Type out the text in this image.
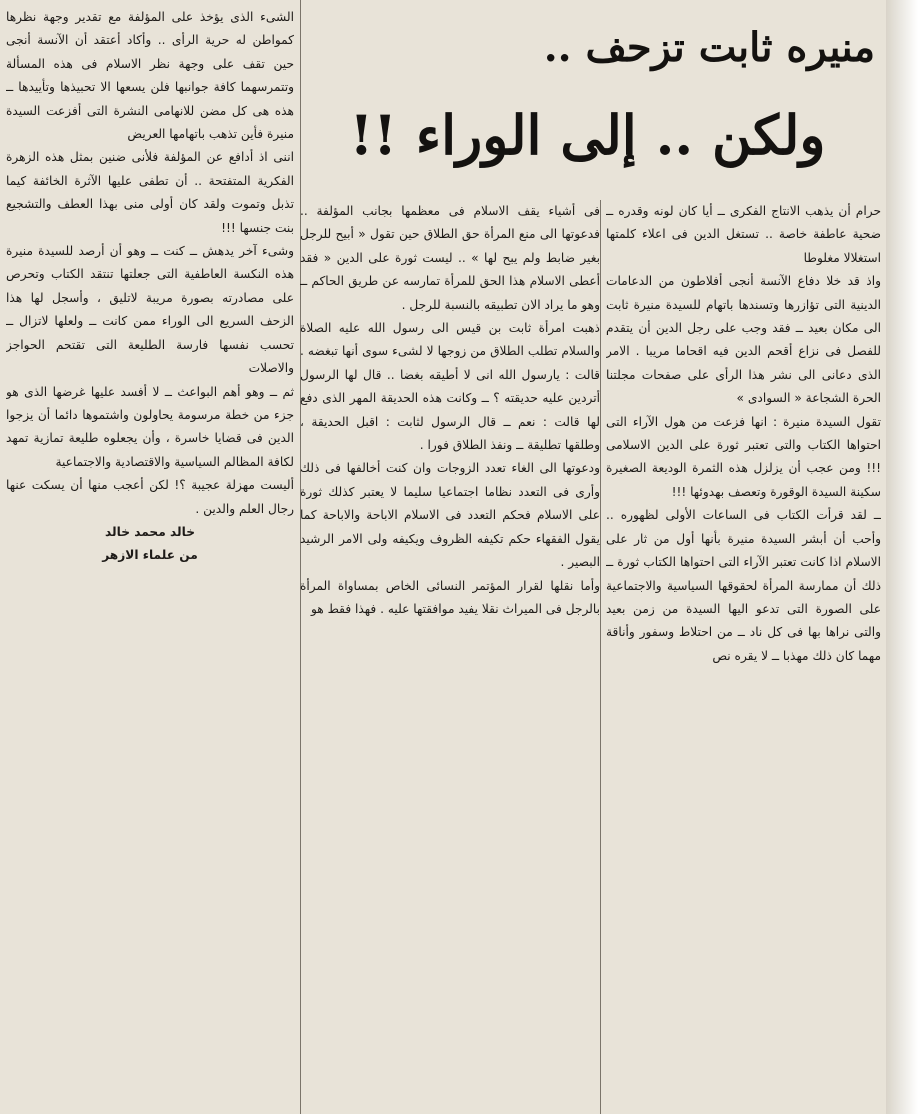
منيره ثابت تزحف ..
ولكن .. إلى الوراء !!

حرام أن يذهب الانتاج الفكرى ــ أيا كان لونه وقدره ــ ضحية عاطفة خاصة .. تستغل الدين فى اعلاء كلمتها استغلالا مغلوطا

واذ قد خلا دفاع الآنسة أنجى أفلاطون من الدعامات الدينية التى تؤازرها وتسندها باتهام للسيدة منيرة ثابت الى مكان بعيد ــ فقد وجب على رجل الدين أن يتقدم للفصل فى نزاع أقحم الدين فيه اقحاما مريبا . الامر الذى دعانى الى نشر هذا الرأى على صفحات مجلتنا الحرة الشجاعة « السوادى »

تقول السيدة منيرة : انها فزعت من هول الآراء التى احتواها الكتاب والتى تعتبر ثورة على الدين الاسلامى !!! ومن عجب أن يزلزل هذه الثمرة الوديعة الصغيرة سكينة السيدة الوقورة وتعصف بهدوئها !!!

ــ لقد قرأت الكتاب فى الساعات الأولى لظهوره .. وأحب أن أبشر السيدة منيرة بأنها أول من ثار على الاسلام اذا كانت تعتبر الآراء التى احتواها الكتاب ثورة ــ ذلك أن ممارسة المرأة لحقوقها السياسية والاجتماعية على الصورة التى تدعو اليها السيدة من زمن بعيد والتى نراها بها فى كل ناد ــ من احتلاط وسفور وأناقة مهما كان ذلك مهذبا ــ لا يقره نص

فى أشياء يقف الاسلام فى معظمها بجانب المؤلفة .. فدعوتها الى منع المرأة حق الطلاق حين تقول « أبيح للرجل بغير ضابط ولم يبح لها » .. ليست ثورة على الدين « فقد أعطى الاسلام هذا الحق للمرأة تمارسه عن طريق الحاكم ــ وهو ما يراد الان تطبيقه بالنسبة للرجل .

ذهبت امرأة ثابت بن قيس الى رسول الله عليه الصلاة والسلام تطلب الطلاق من زوجها لا لشىء سوى أنها تبغضه . قالت : يارسول الله انى لا أطيقه بغضا .. قال لها الرسول أتردين عليه حديقته ؟ ــ وكانت هذه الحديقة المهر الذى دفع لها قالت : نعم ــ قال الرسول لثابت : اقبل الحديقة ، وطلقها تطليقة ــ ونفذ الطلاق فورا .

ودعوتها الى الغاء تعدد الزوجات وان كنت أخالفها فى ذلك وأرى فى التعدد نظاما اجتماعيا سليما لا يعتبر كذلك ثورة على الاسلام فحكم التعدد فى الاسلام الاباحة والاباحة كما يقول الفقهاء حكم تكيفه الظروف ويكيفه ولى الامر الرشيد البصير .

وأما نقلها لقرار المؤتمر النسائى الخاص بمساواة المرأة بالرجل فى الميراث نقلا يفيد موافقتها عليه . فهذا فقط هو

الشىء الذى يؤخذ على المؤلفة مع تقدير وجهة نظرها كمواطن له حرية الرأى .. وأكاد أعتقد أن الآنسة أنجى حين تقف على وجهة نظر الاسلام فى هذه المسألة وتتمرسهما كافة جوانبها فلن يسعها الا تحبيذها وتأييدها ــ هذه هى كل مضن للانهامى النشرة التى أفزعت السيدة منيرة فأين تذهب باتهامها العريض

اننى اذ أدافع عن المؤلفة فلأنى ضنين بمثل هذه الزهرة الفكرية المتفتحة .. أن تطفى عليها الآثرة الخائفة كيما تذبل وتموت ولقد كان أولى منى بهذا العطف والتشجيع بنت جنسها !!!

وشىء آخر يدهش ــ كنت ــ وهو أن أرصد للسيدة منيرة هذه النكسة العاطفية التى جعلتها تنتقد الكتاب وتحرص على مصادرته بصورة مريبة لاتليق ، وأسجل لها هذا الزحف السريع الى الوراء ممن كانت ــ ولعلها لاتزال ــ تحسب نفسها فارسة الطليعة التى تقتحم الحواجز والاصلات

ثم ــ وهو أهم البواعث ــ لا أفسد عليها غرضها الذى هو جزء من خطة مرسومة يحاولون واشتموها دائما أن يزجوا الدين فى قضايا خاسرة ، وأن يجعلوه طليعة تمازية تمهد لكافة المظالم السياسية والاقتصادية والاجتماعية

أليست مهزلة عجيبة ؟! لكن أعجب منها أن يسكت عنها رجال العلم والدين .

خالد محمد خالد

من علماء الازهر
